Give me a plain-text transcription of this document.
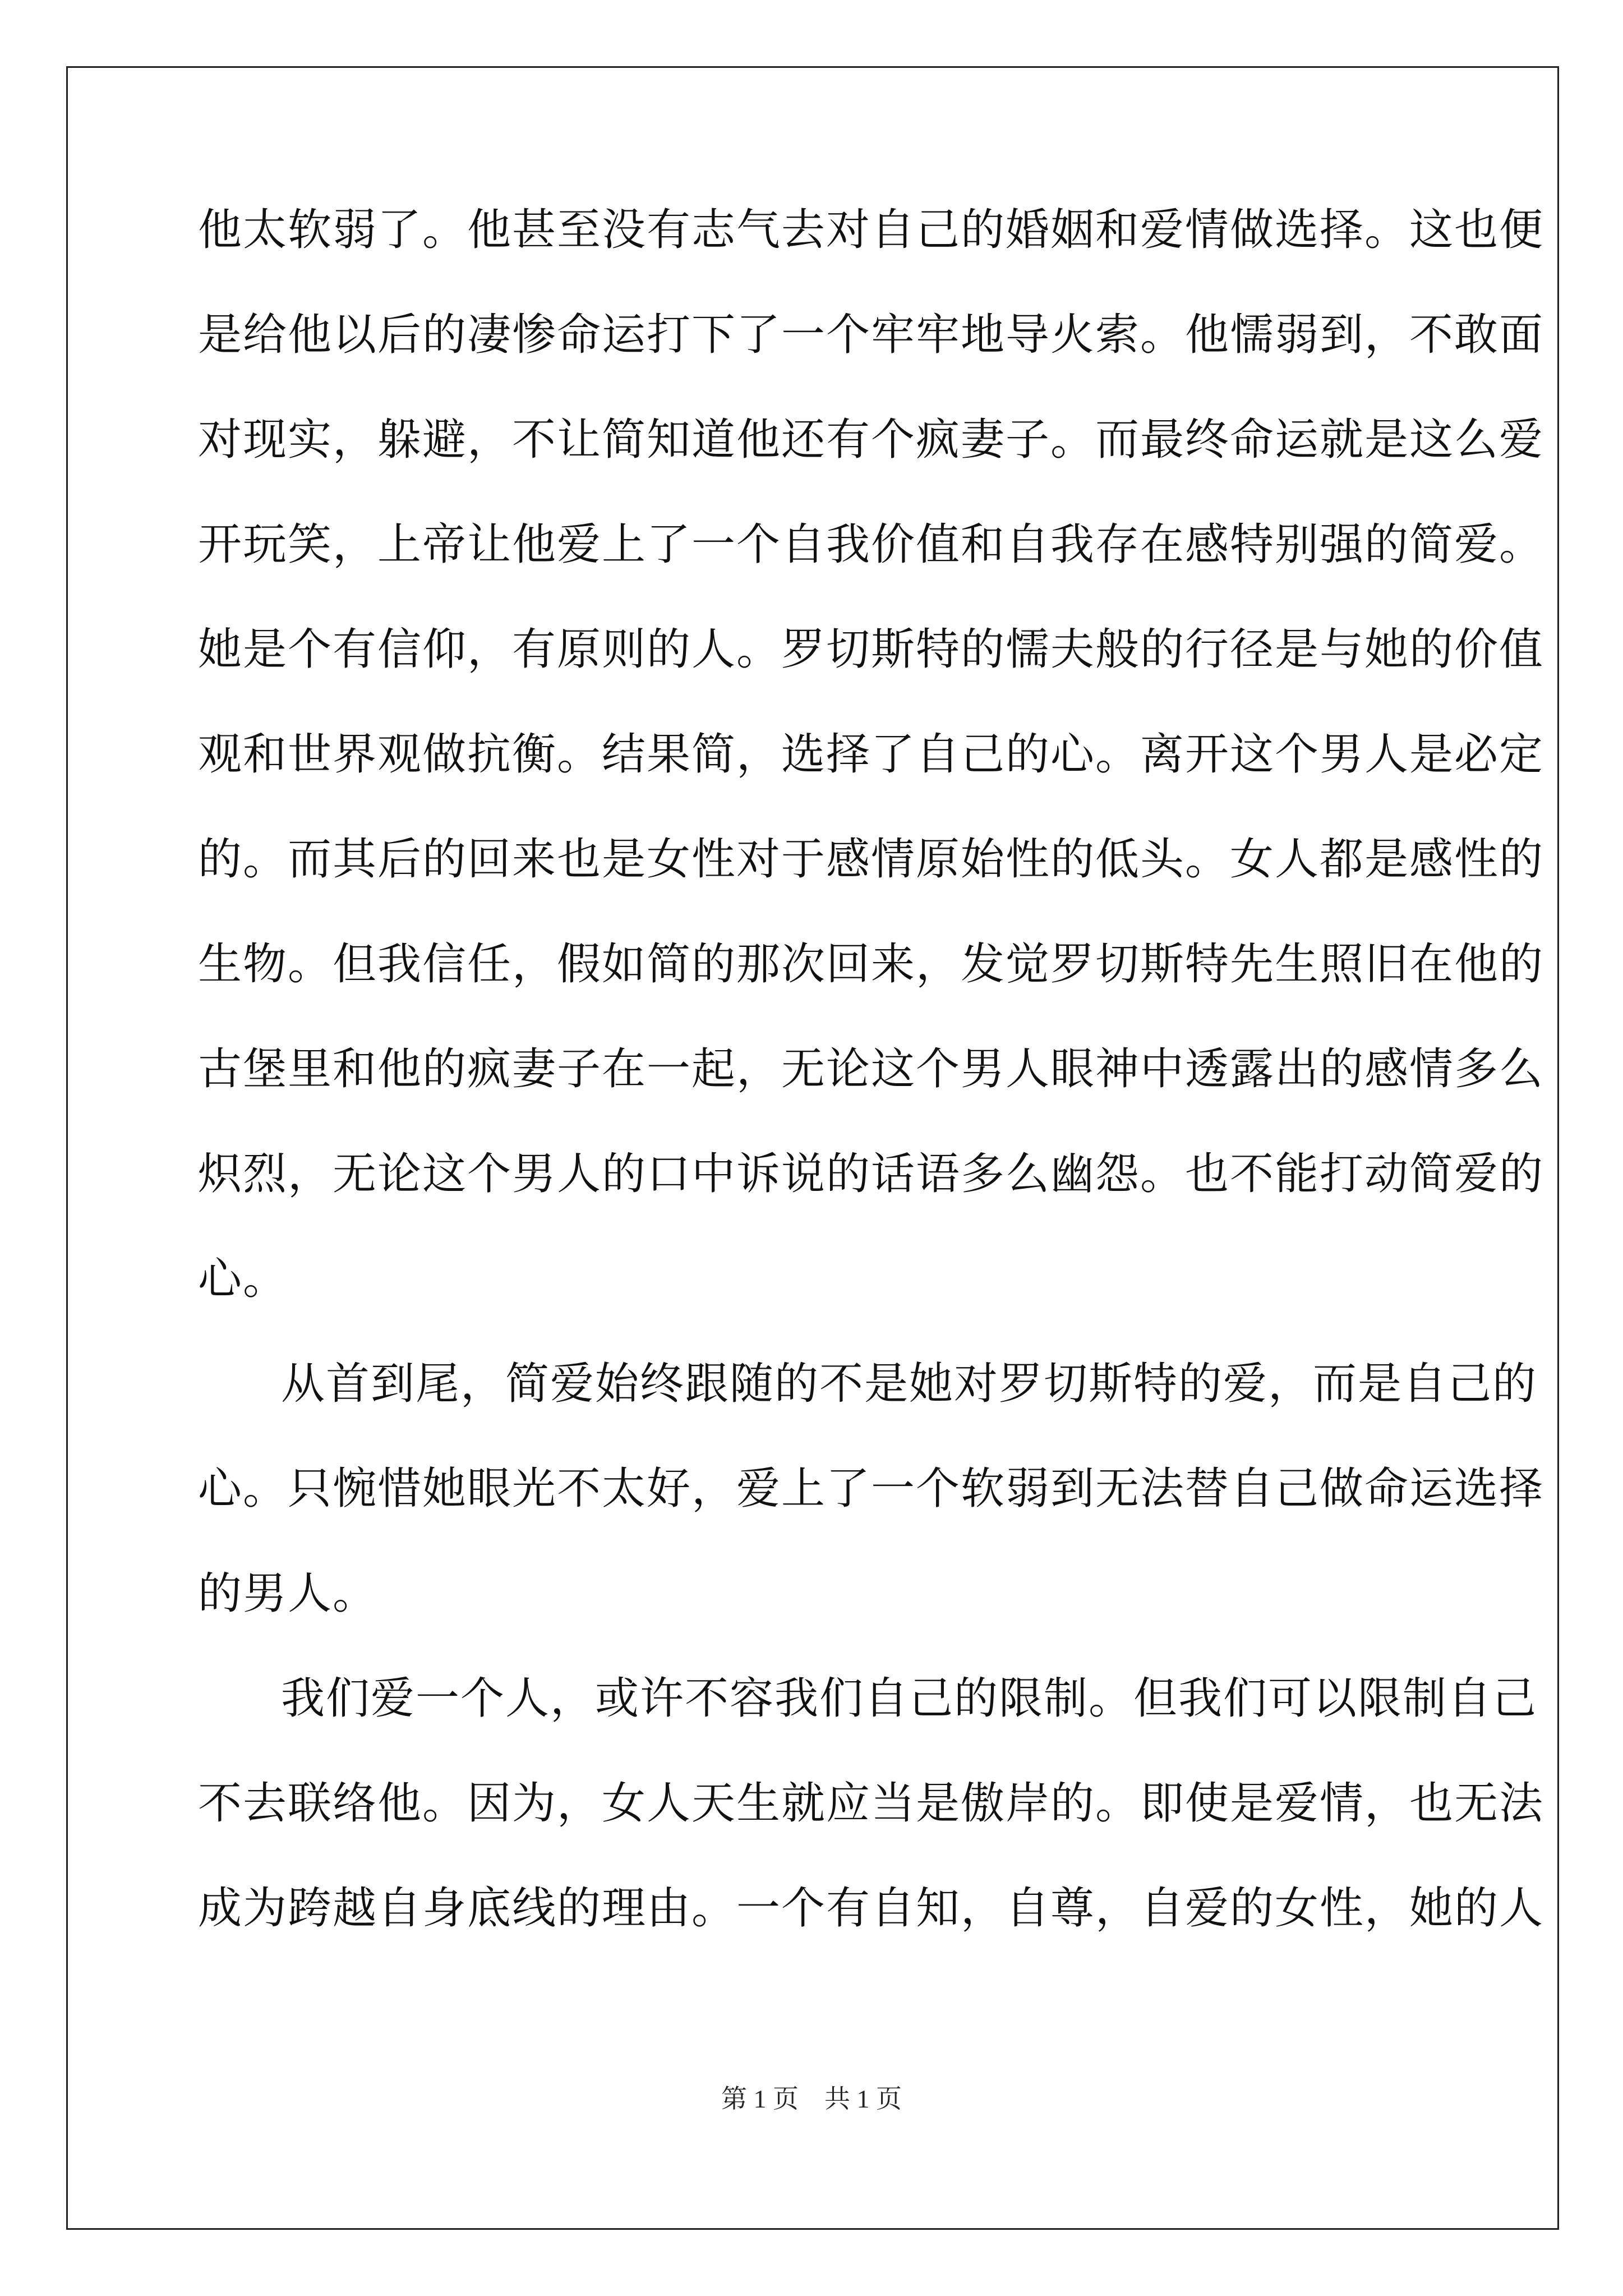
他太软弱了。他甚至没有志气去对自己的婚姻和爱情做选择。这也便
是给他以后的凄惨命运打下了一个牢牢地导火索。他懦弱到，不敢面
对现实，躲避，不让简知道他还有个疯妻子。而最终命运就是这么爱
开玩笑，上帝让他爱上了一个自我价值和自我存在感特别强的简爱。
她是个有信仰，有原则的人。罗切斯特的懦夫般的行径是与她的价值
观和世界观做抗衡。结果简，选择了自己的心。离开这个男人是必定
的。而其后的回来也是女性对于感情原始性的低头。女人都是感性的
生物。但我信任，假如简的那次回来，发觉罗切斯特先生照旧在他的
古堡里和他的疯妻子在一起，无论这个男人眼神中透露出的感情多么
炽烈，无论这个男人的口中诉说的话语多么幽怨。也不能打动简爱的
心。
从首到尾，简爱始终跟随的不是她对罗切斯特的爱，而是自己的
心。只惋惜她眼光不太好，爱上了一个软弱到无法替自己做命运选择
的男人。
我们爱一个人，或许不容我们自己的限制。但我们可以限制自己
不去联络他。因为，女人天生就应当是傲岸的。即使是爱情，也无法
成为跨越自身底线的理由。一个有自知，自尊，自爱的女性，她的人
第 1 页　共 1 页
